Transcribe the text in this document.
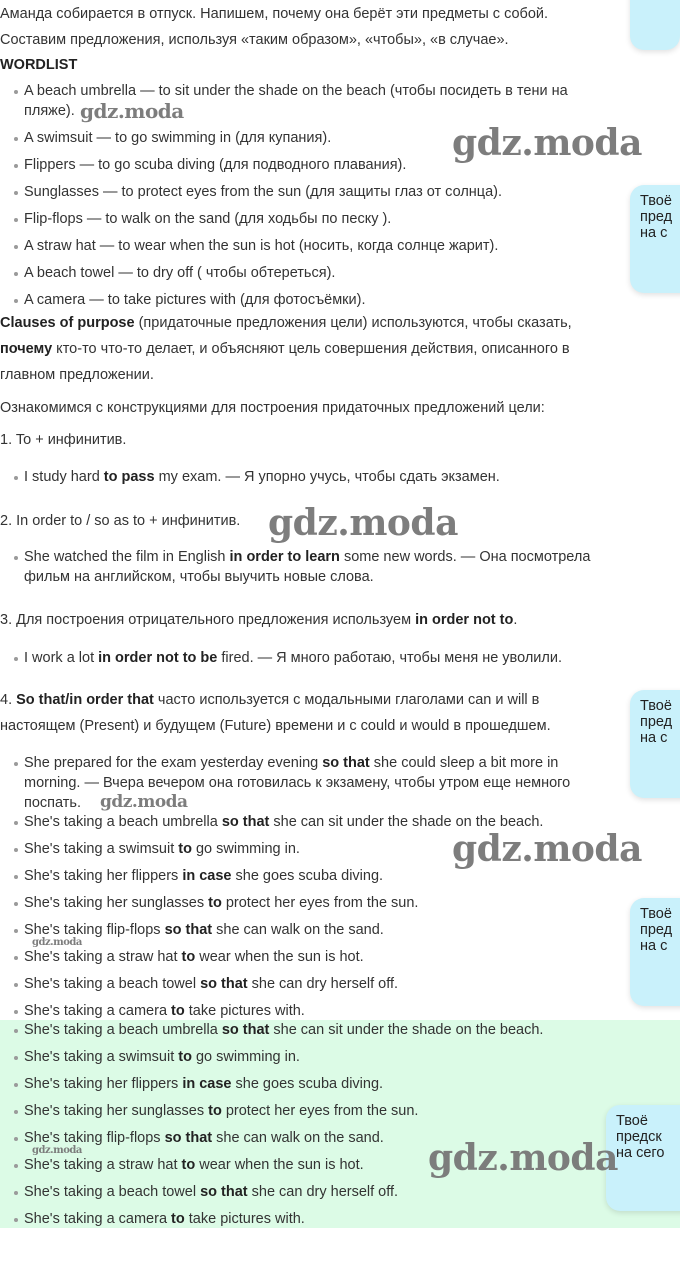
Аманда собирается в отпуск. Напишем, почему она берёт эти предметы с собой.
Составим предложения, используя «таким образом», «чтобы», «в случае».
WORDLIST
A beach umbrella — to sit under the shade on the beach (чтобы посидеть в тени на
пляже).
A swimsuit — to go swimming in (для купания).
Flippers — to go scuba diving (для подводного плавания).
Sunglasses — to protect eyes from the sun (для защиты глаз от солнца).
Flip-flops — to walk on the sand (для ходьбы по песку ).
A straw hat — to wear when the sun is hot (носить, когда солнце жарит).
A beach towel — to dry off ( чтобы обтереться).
A camera — to take pictures with (для фотосъёмки).
Clauses of purpose (придаточные предложения цели) используются, чтобы сказать,
почему кто-то что-то делает, и объясняют цель совершения действия, описанного в
главном предложении.
Ознакомимся с конструкциями для построения придаточных предложений цели:
1. To + инфинитив.
I study hard to pass my exam. — Я упорно учусь, чтобы сдать экзамен.
2. In order to / so as to + инфинитив.
She watched the film in English in order to learn some new words. — Она посмотрела
фильм на английском, чтобы выучить новые слова.
3. Для построения отрицательного предложения используем in order not to.
I work a lot in order not to be fired. — Я много работаю, чтобы меня не уволили.
4. So that/in order that часто используется с модальными глаголами can и will в
настоящем (Present) и будущем (Future) времени и с could и would в прошедшем.
She prepared for the exam yesterday evening so that she could sleep a bit more in
morning. — Вчера вечером она готовилась к экзамену, чтобы утром еще немного
поспать.
She's taking a beach umbrella so that she can sit under the shade on the beach.
She's taking a swimsuit to go swimming in.
She's taking her flippers in case she goes scuba diving.
She's taking her sunglasses to protect her eyes from the sun.
She's taking flip-flops so that she can walk on the sand.
She's taking a straw hat to wear when the sun is hot.
She's taking a beach towel so that she can dry herself off.
She's taking a camera to take pictures with.
She's taking a beach umbrella so that she can sit under the shade on the beach.
She's taking a swimsuit to go swimming in.
She's taking her flippers in case she goes scuba diving.
She's taking her sunglasses to protect her eyes from the sun.
She's taking flip-flops so that she can walk on the sand.
She's taking a straw hat to wear when the sun is hot.
She's taking a beach towel so that she can dry herself off.
She's taking a camera to take pictures with.
Твоё
пред
на с
Твоё
пред
на с
Твоё
пред
на с
Твоё
предск
на сего
gdz.moda
gdz.moda
gdz.moda
gdz.moda
gdz.moda
gdz.moda
gdz.moda	gdz.moda
